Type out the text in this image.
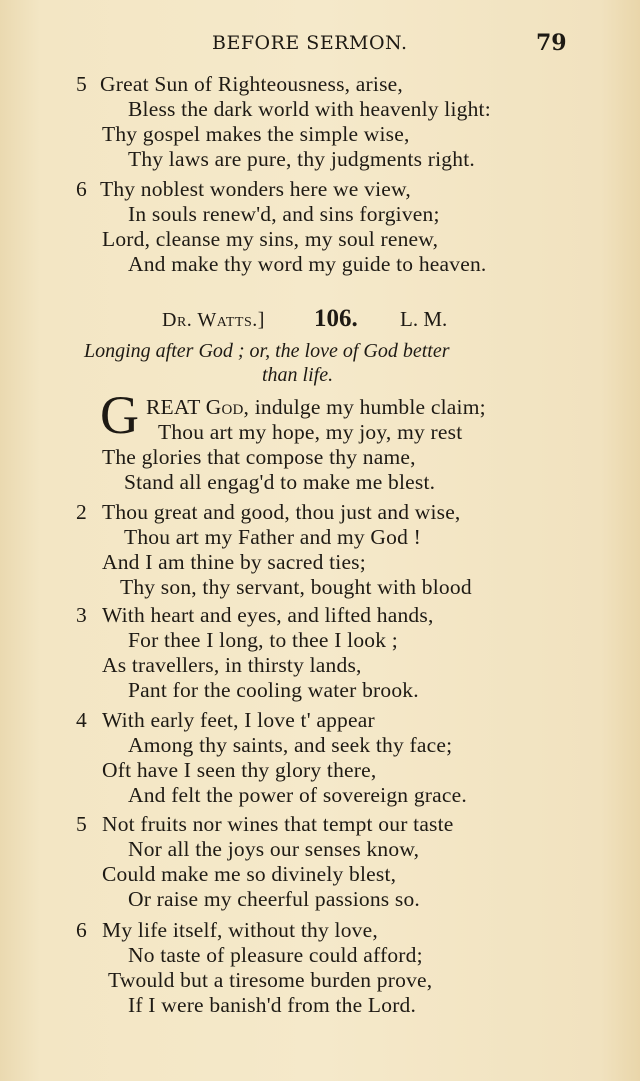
BEFORE SERMON.	79
5 Great Sun of Righteousness, arise,
Bless the dark world with heavenly light:
Thy gospel makes the simple wise,
Thy laws are pure, thy judgments right.
6 Thy noblest wonders here we view,
In souls renew'd, and sins forgiven;
Lord, cleanse my sins, my soul renew,
And make thy word my guide to heaven.
Dr. Watts.] 106. L. M.
Longing after God ; or, the love of God better
than life.
G REAT God, indulge my humble claim;
Thou art my hope, my joy, my rest
The glories that compose thy name,
Stand all engag'd to make me blest.
2 Thou great and good, thou just and wise,
Thou art my Father and my God !
And I am thine by sacred ties;
Thy son, thy servant, bought with blood
3 With heart and eyes, and lifted hands,
For thee I long, to thee I look ;
As travellers, in thirsty lands,
Pant for the cooling water brook.
4 With early feet, I love t' appear
Among thy saints, and seek thy face;
Oft have I seen thy glory there,
And felt the power of sovereign grace.
5 Not fruits nor wines that tempt our taste
Nor all the joys our senses know,
Could make me so divinely blest,
Or raise my cheerful passions so.
6 My life itself, without thy love,
No taste of pleasure could afford;
Twould but a tiresome burden prove,
If I were banish'd from the Lord.
